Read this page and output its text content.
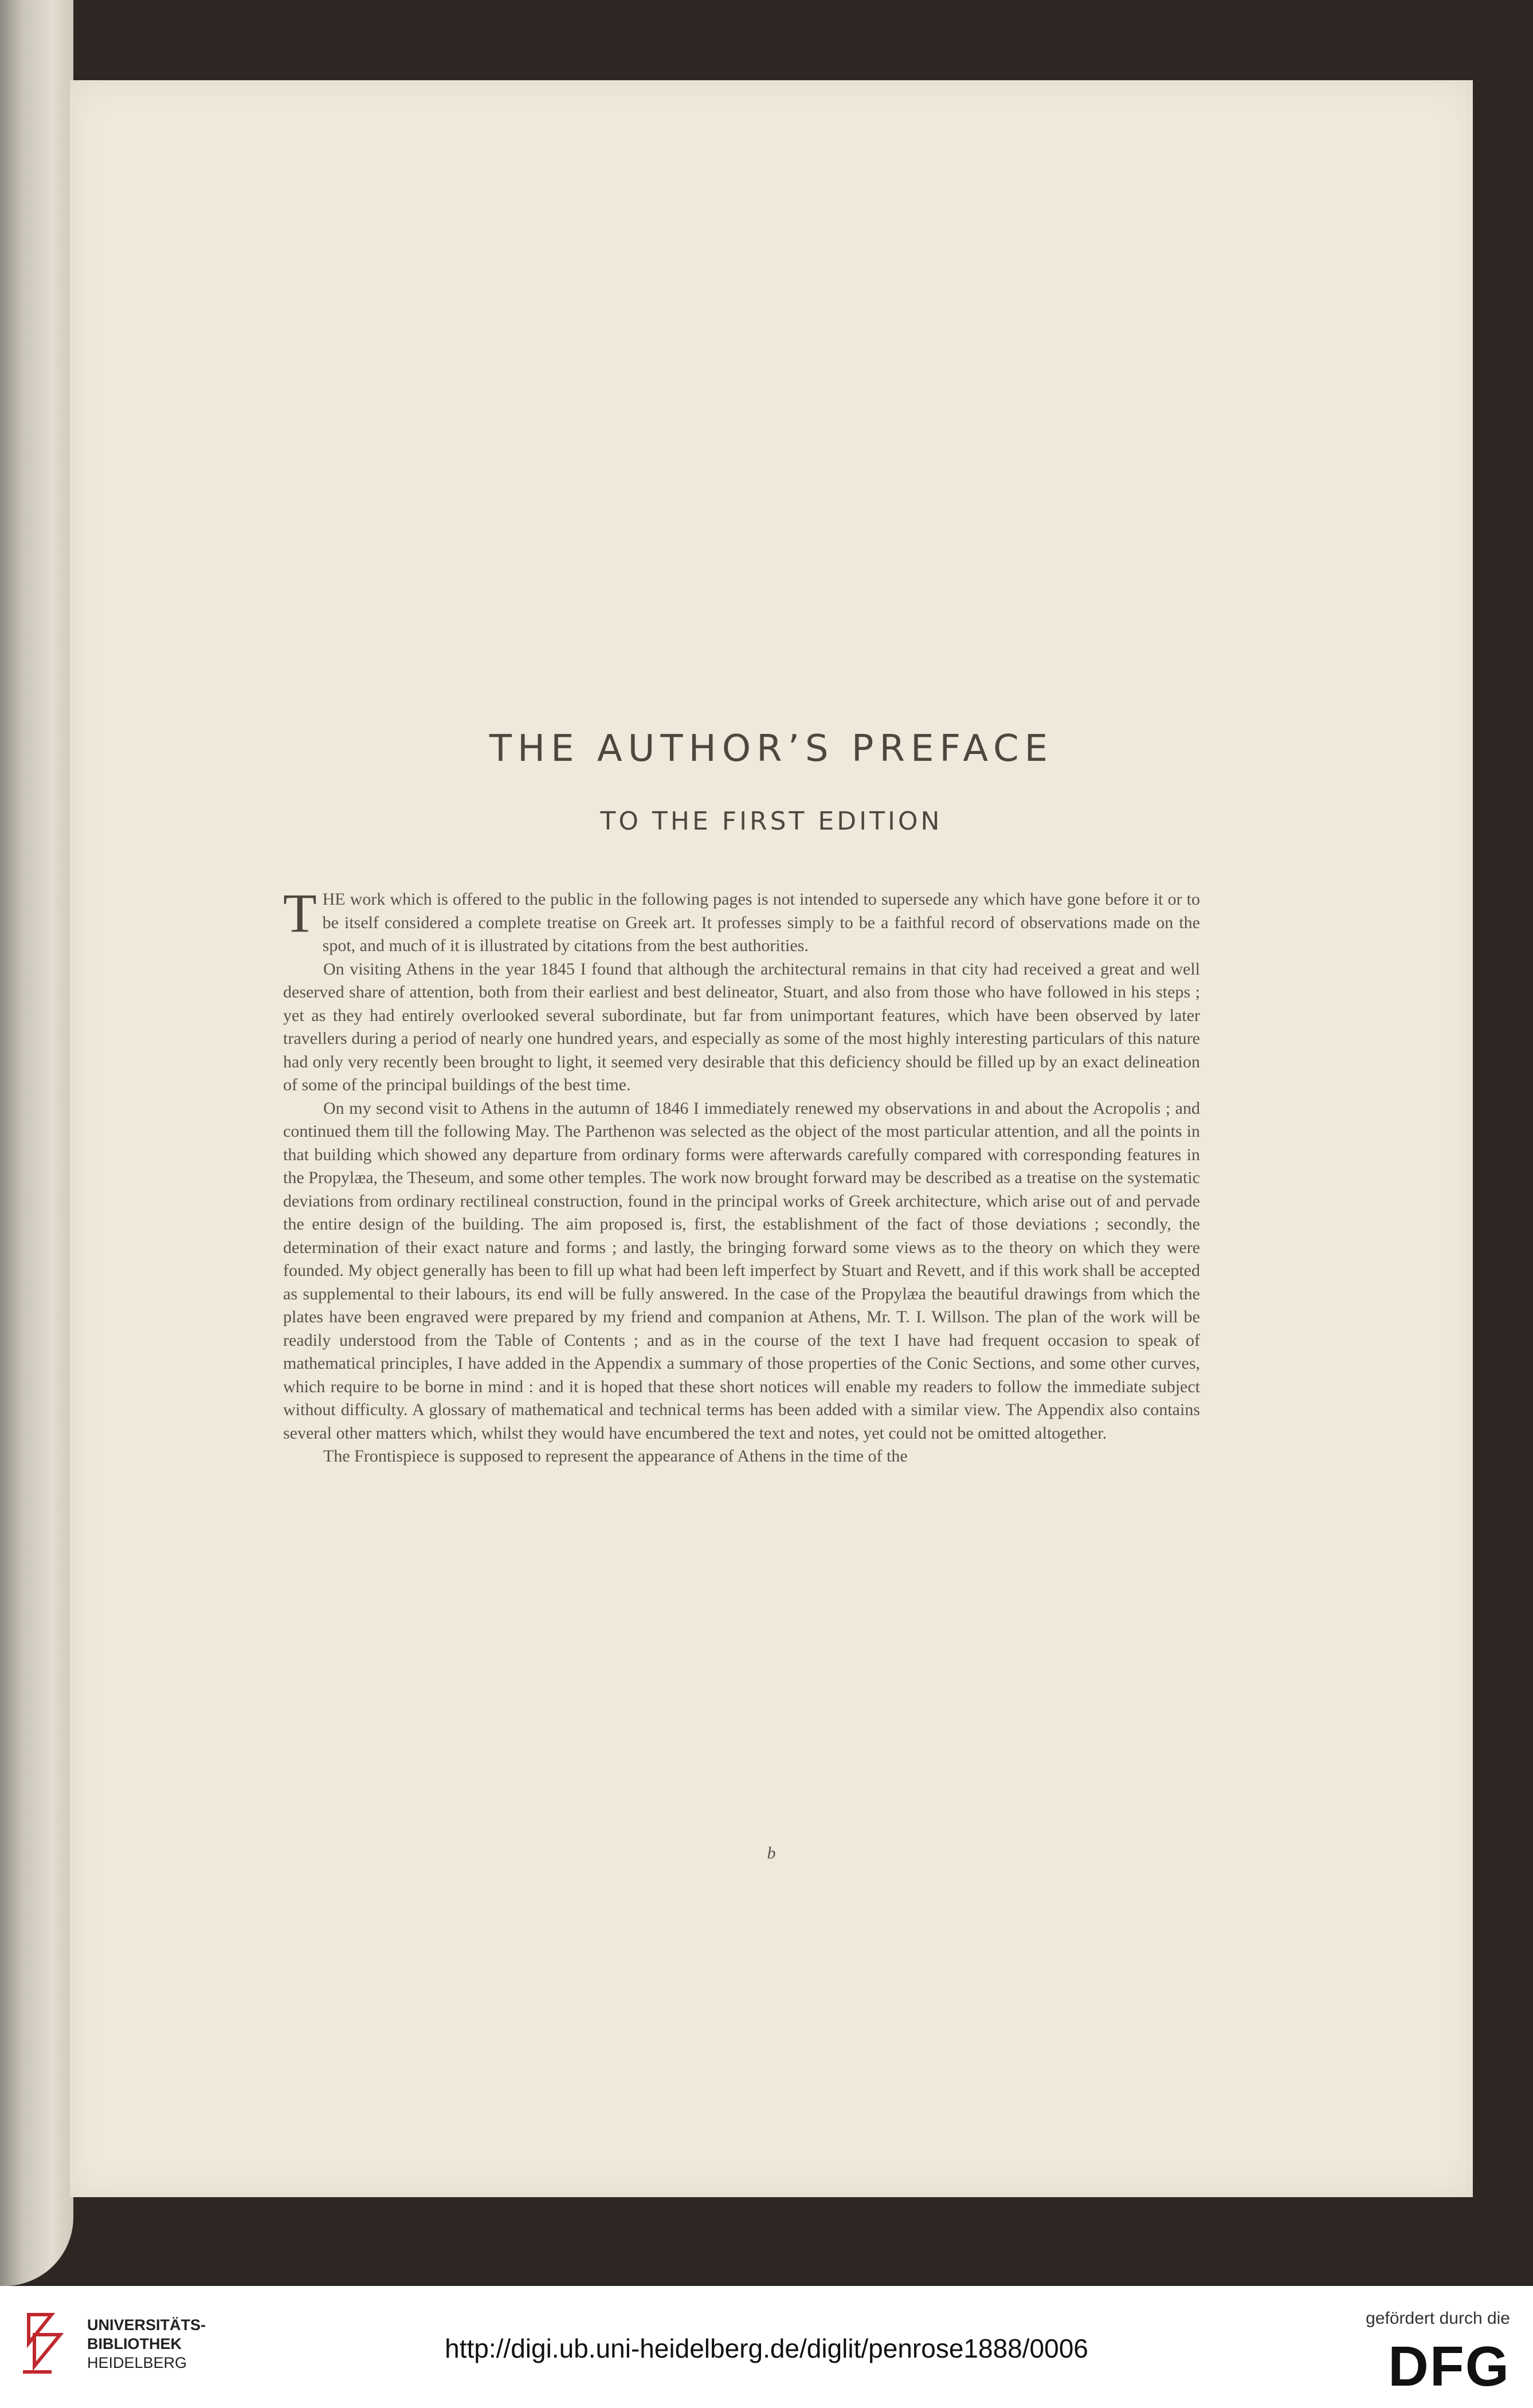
THE AUTHOR’S PREFACE
TO THE FIRST EDITION

THE work which is offered to the public in the following pages is not intended to supersede any which have gone before it or to be itself considered a complete treatise on Greek art. It professes simply to be a faithful record of observations made on the spot, and much of it is illustrated by citations from the best authorities.

On visiting Athens in the year 1845 I found that although the architectural remains in that city had received a great and well deserved share of attention, both from their earliest and best delineator, Stuart, and also from those who have followed in his steps ; yet as they had entirely overlooked several subordinate, but far from unimportant features, which have been observed by later travellers during a period of nearly one hundred years, and especially as some of the most highly interesting particulars of this nature had only very recently been brought to light, it seemed very desirable that this deficiency should be filled up by an exact delineation of some of the principal buildings of the best time.

On my second visit to Athens in the autumn of 1846 I immediately renewed my observations in and about the Acropolis ; and continued them till the following May. The Parthenon was selected as the object of the most particular attention, and all the points in that building which showed any departure from ordinary forms were afterwards carefully compared with corresponding features in the Propylæa, the Theseum, and some other temples. The work now brought forward may be described as a treatise on the systematic deviations from ordinary rectilineal construction, found in the principal works of Greek architecture, which arise out of and pervade the entire design of the building. The aim proposed is, first, the establishment of the fact of those deviations ; secondly, the determination of their exact nature and forms ; and lastly, the bringing forward some views as to the theory on which they were founded. My object generally has been to fill up what had been left imperfect by Stuart and Revett, and if this work shall be accepted as supplemental to their labours, its end will be fully answered. In the case of the Propylæa the beautiful drawings from which the plates have been engraved were prepared by my friend and companion at Athens, Mr. T. I. Willson. The plan of the work will be readily understood from the Table of Contents ; and as in the course of the text I have had frequent occasion to speak of mathematical principles, I have added in the Appendix a summary of those properties of the Conic Sections, and some other curves, which require to be borne in mind : and it is hoped that these short notices will enable my readers to follow the immediate subject without difficulty. A glossary of mathematical and technical terms has been added with a similar view. The Appendix also contains several other matters which, whilst they would have encumbered the text and notes, yet could not be omitted altogether.

The Frontispiece is supposed to represent the appearance of Athens in the time of the

b
UNIVERSITÄTS-
BIBLIOTHEK
HEIDELBERG	http://digi.ub.uni-heidelberg.de/diglit/penrose1888/0006
gefördert durch die
DFG
